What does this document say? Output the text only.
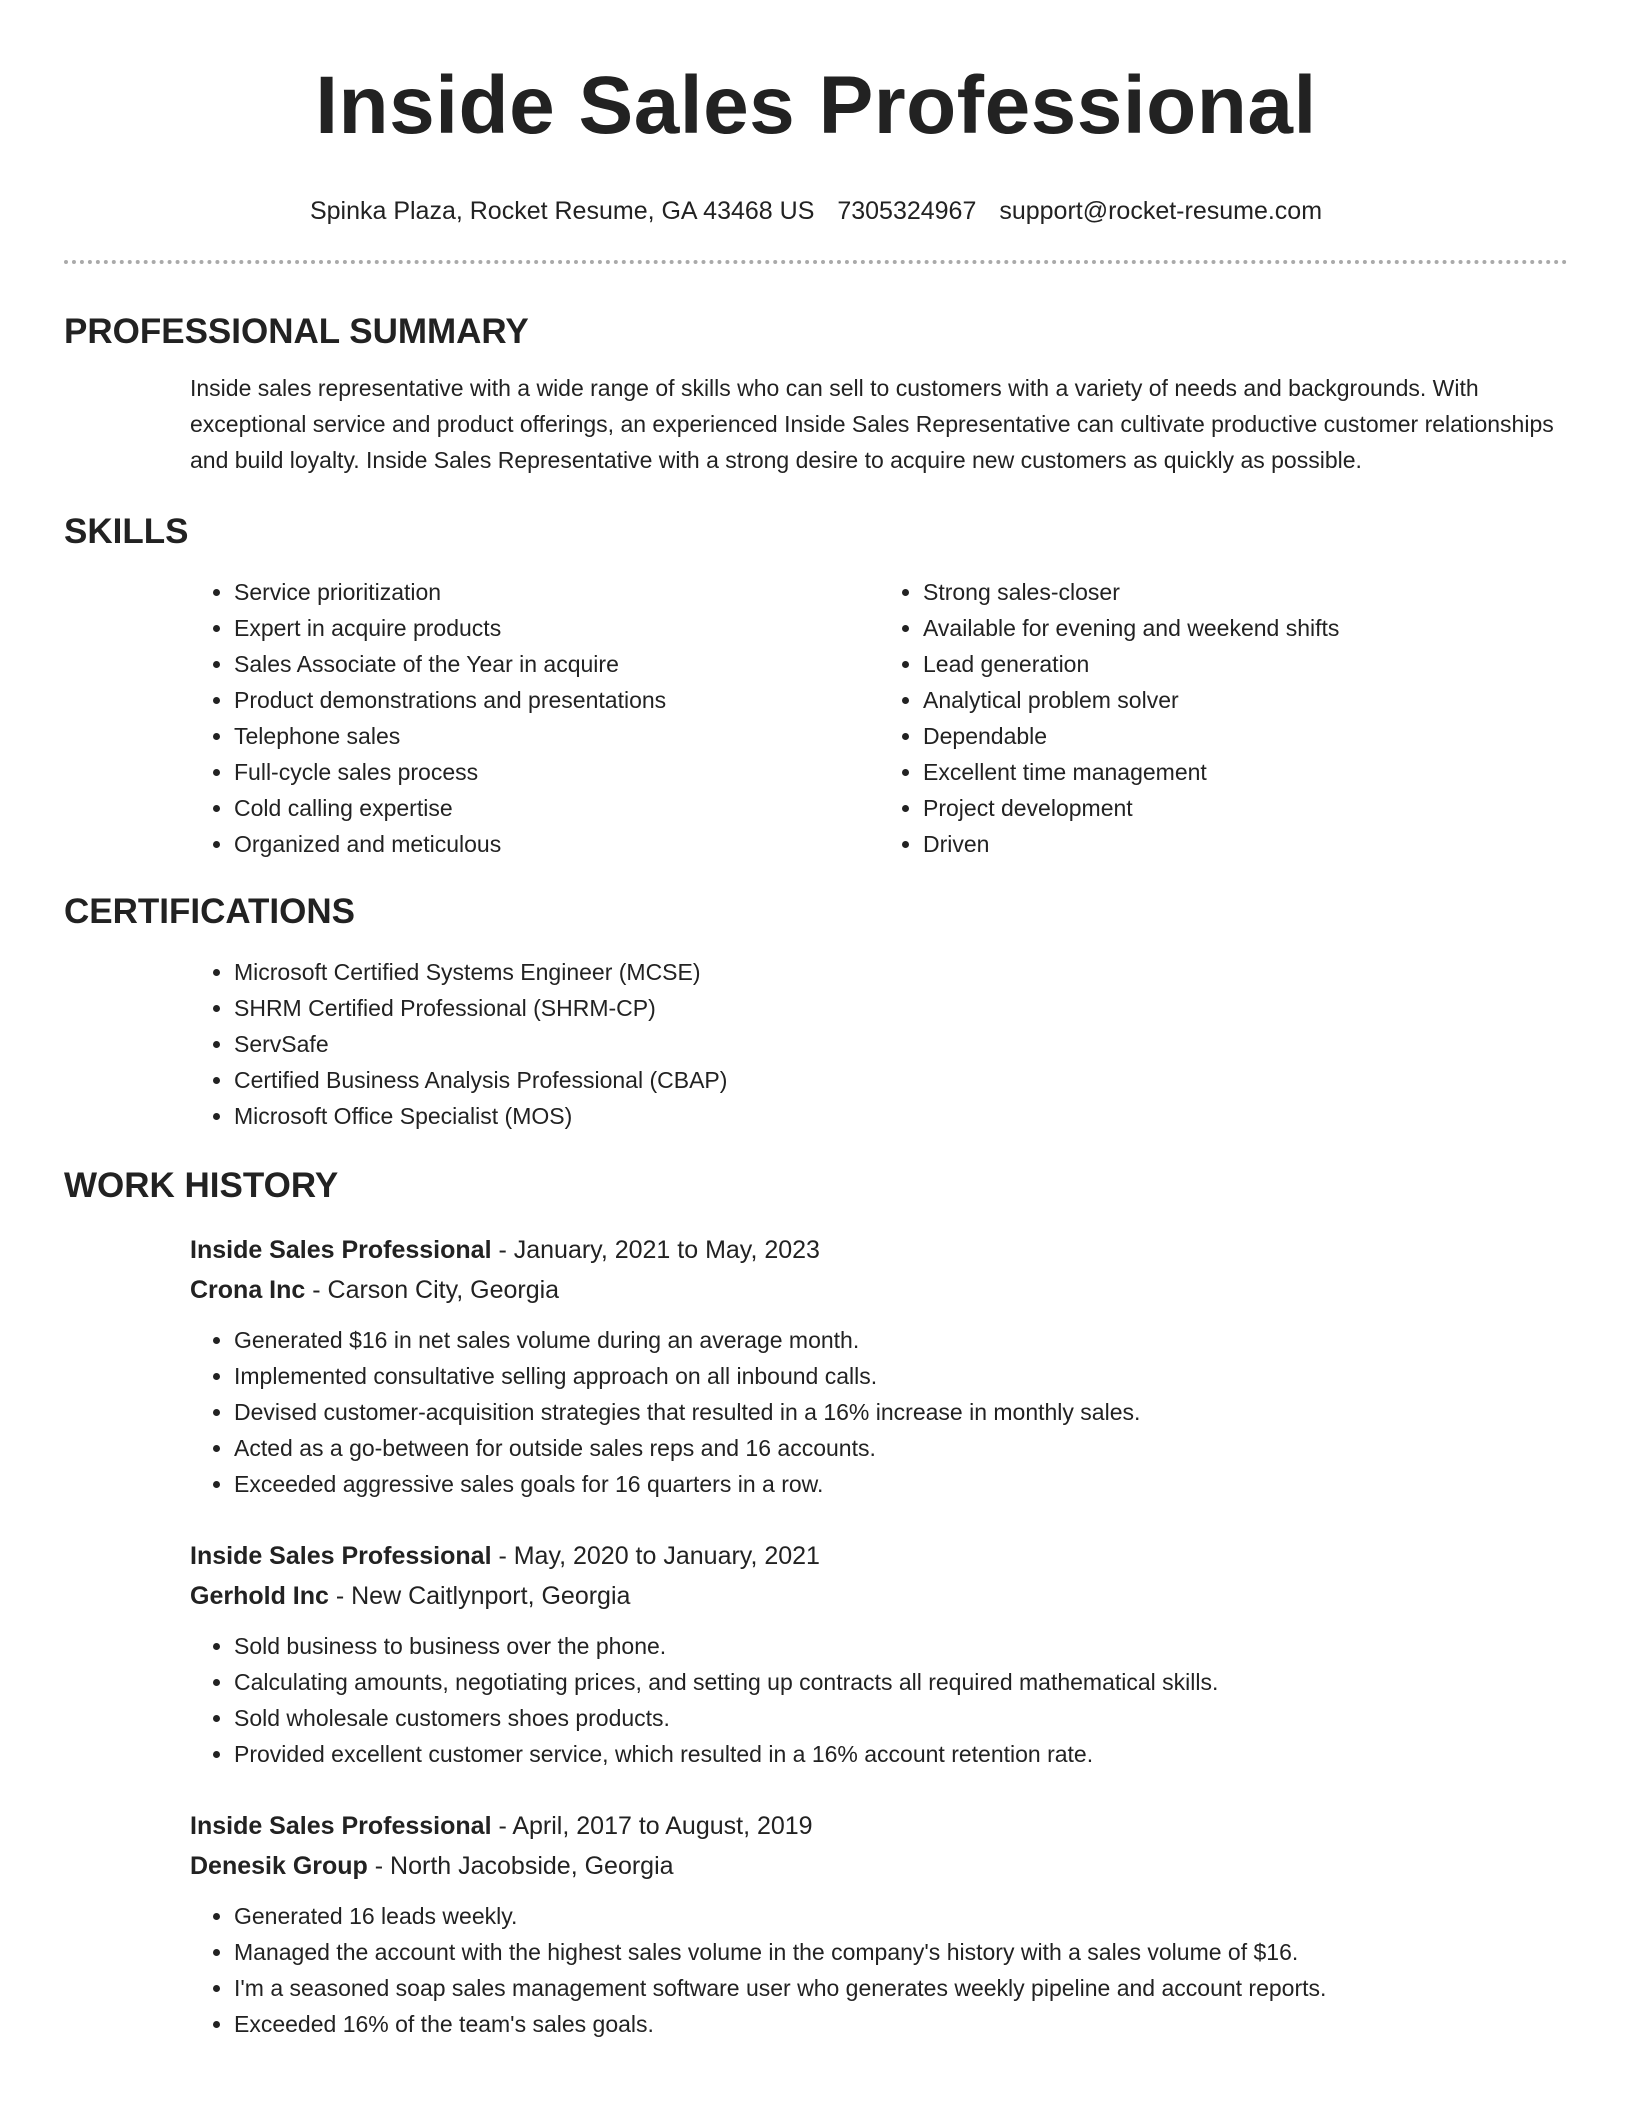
Inside Sales Professional
Spinka Plaza, Rocket Resume, GA 43468 US 7305324967 support@rocket-resume.com
PROFESSIONAL SUMMARY

Inside sales representative with a wide range of skills who can sell to customers with a variety of needs and backgrounds. With exceptional service and product offerings, an experienced Inside Sales Representative can cultivate productive customer relationships and build loyalty. Inside Sales Representative with a strong desire to acquire new customers as quickly as possible.

SKILLS
• Service prioritization
• Expert in acquire products
• Sales Associate of the Year in acquire
• Product demonstrations and presentations
• Telephone sales
• Full-cycle sales process
• Cold calling expertise
• Organized and meticulous
• Strong sales-closer
• Available for evening and weekend shifts
• Lead generation
• Analytical problem solver
• Dependable
• Excellent time management
• Project development
• Driven
CERTIFICATIONS
• Microsoft Certified Systems Engineer (MCSE)
• SHRM Certified Professional (SHRM-CP)
• ServSafe
• Certified Business Analysis Professional (CBAP)
• Microsoft Office Specialist (MOS)
WORK HISTORY
Inside Sales Professional - January, 2021 to May, 2023
Crona Inc - Carson City, Georgia
• Generated $16 in net sales volume during an average month.
• Implemented consultative selling approach on all inbound calls.
• Devised customer-acquisition strategies that resulted in a 16% increase in monthly sales.
• Acted as a go-between for outside sales reps and 16 accounts.
• Exceeded aggressive sales goals for 16 quarters in a row.
Inside Sales Professional - May, 2020 to January, 2021
Gerhold Inc - New Caitlynport, Georgia
• Sold business to business over the phone.
• Calculating amounts, negotiating prices, and setting up contracts all required mathematical skills.
• Sold wholesale customers shoes products.
• Provided excellent customer service, which resulted in a 16% account retention rate.
Inside Sales Professional - April, 2017 to August, 2019
Denesik Group - North Jacobside, Georgia
• Generated 16 leads weekly.
• Managed the account with the highest sales volume in the company's history with a sales volume of $16.
• I'm a seasoned soap sales management software user who generates weekly pipeline and account reports.
• Exceeded 16% of the team's sales goals.
